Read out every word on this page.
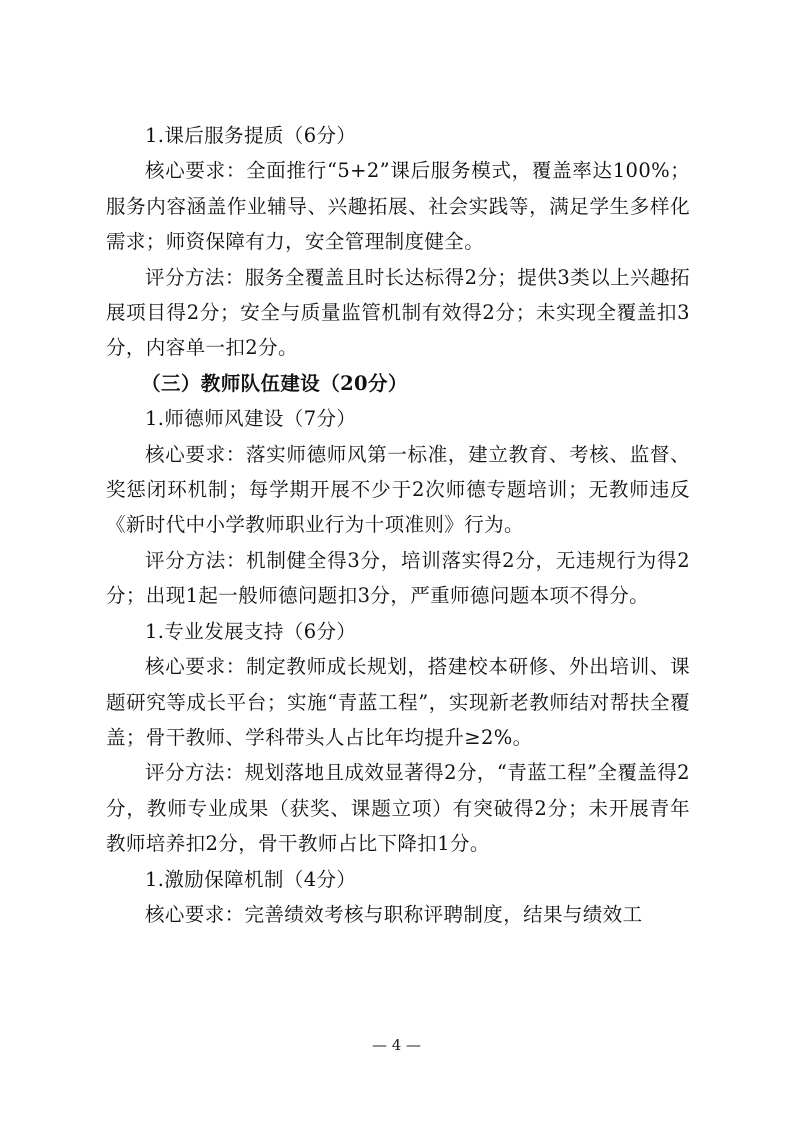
1.课后服务提质（6分）

核心要求：全面推行“5+2”课后服务模式，覆盖率达100%；服务内容涵盖作业辅导、兴趣拓展、社会实践等，满足学生多样化需求；师资保障有力，安全管理制度健全。

评分方法：服务全覆盖且时长达标得2分；提供3类以上兴趣拓展项目得2分；安全与质量监管机制有效得2分；未实现全覆盖扣3分，内容单一扣2分。

（三）教师队伍建设（20分）

1.师德师风建设（7分）

核心要求：落实师德师风第一标准，建立教育、考核、监督、奖惩闭环机制；每学期开展不少于2次师德专题培训；无教师违反《新时代中小学教师职业行为十项准则》行为。

评分方法：机制健全得3分，培训落实得2分，无违规行为得2分；出现1起一般师德问题扣3分，严重师德问题本项不得分。

1.专业发展支持（6分）

核心要求：制定教师成长规划，搭建校本研修、外出培训、课题研究等成长平台；实施“青蓝工程”，实现新老教师结对帮扶全覆盖；骨干教师、学科带头人占比年均提升≥2%。

评分方法：规划落地且成效显著得2分，“青蓝工程”全覆盖得2分，教师专业成果（获奖、课题立项）有突破得2分；未开展青年教师培养扣2分，骨干教师占比下降扣1分。

1.激励保障机制（4分）

核心要求：完善绩效考核与职称评聘制度，结果与绩效工

— 4 —
